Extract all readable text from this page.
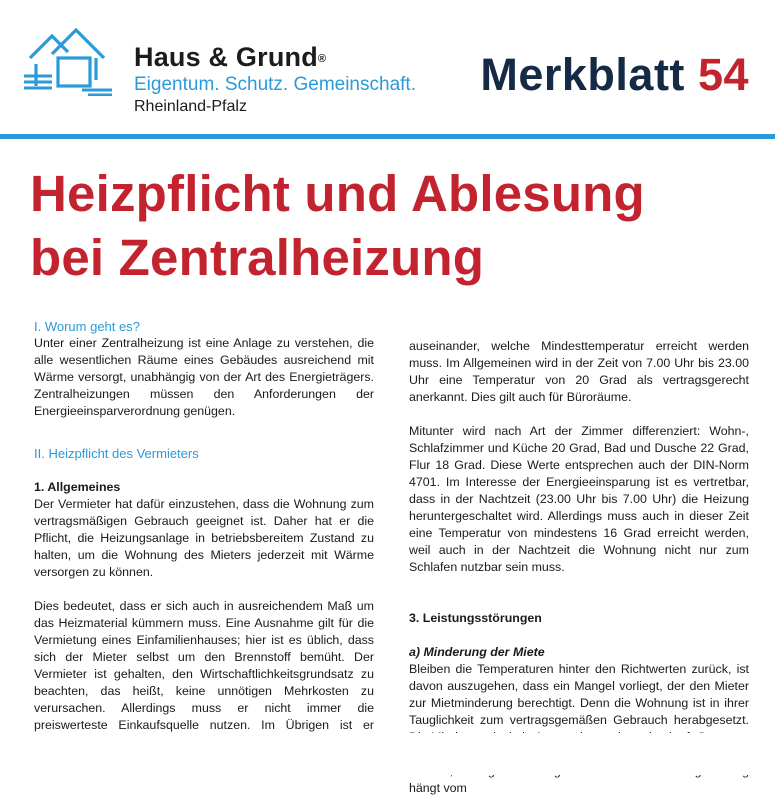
Haus & Grund®
Eigentum. Schutz. Gemeinschaft.
Rheinland-Pfalz
Merkblatt 54
Heizpflicht und Ablesung
bei Zentralheizung

I. Worum geht es?

Unter einer Zentralheizung ist eine Anlage zu verstehen, die alle wesentlichen Räume eines Gebäudes ausreichend mit Wärme versorgt, unabhängig von der Art des Energieträgers. Zentralheizungen müssen den Anforderungen der Energieeinsparverordnung genügen.

II. Heizpflicht des Vermieters

1. Allgemeines

Der Vermieter hat dafür einzustehen, dass die Wohnung zum vertragsmäßigen Gebrauch geeignet ist. Daher hat er die Pflicht, die Heizungsanlage in betriebsbereitem Zustand zu halten, um die Wohnung des Mieters jederzeit mit Wärme versorgen zu können.

Dies bedeutet, dass er sich auch in ausreichendem Maß um das Heizmaterial kümmern muss. Eine Ausnahme gilt für die Vermietung eines Einfamilienhauses; hier ist es üblich, dass sich der Mieter selbst um den Brennstoff bemüht. Der Vermieter ist gehalten, den Wirtschaftlichkeitsgrundsatz zu beachten, das heißt, keine unnötigen Mehrkosten zu verursachen. Allerdings muss er nicht immer die preiswerteste Einkaufsquelle nutzen. Im Übrigen ist er

auseinander, welche Mindesttemperatur erreicht werden muss. Im Allgemeinen wird in der Zeit von 7.00 Uhr bis 23.00 Uhr eine Temperatur von 20 Grad als vertragsgerecht anerkannt. Dies gilt auch für Büroräume.

Mitunter wird nach Art der Zimmer differenziert: Wohn-, Schlafzimmer und Küche 20 Grad, Bad und Dusche 22 Grad, Flur 18 Grad. Diese Werte entsprechen auch der DIN-Norm 4701. Im Interesse der Energieeinsparung ist es vertretbar, dass in der Nachtzeit (23.00 Uhr bis 7.00 Uhr) die Heizung heruntergeschaltet wird. Allerdings muss auch in dieser Zeit eine Temperatur von mindestens 16 Grad erreicht werden, weil auch in der Nachtzeit die Wohnung nicht nur zum Schlafen nutzbar sein muss.

3. Leistungsstörungen

a) Minderung der Miete

Bleiben die Temperaturen hinter den Richtwerten zurück, ist davon auszugehen, dass ein Mangel vorliegt, der den Mieter zur Mietminderung berechtigt. Denn die Wohnung ist in ihrer Tauglichkeit zum vertragsgemäßen Gebrauch herabgesetzt. hängt vom
